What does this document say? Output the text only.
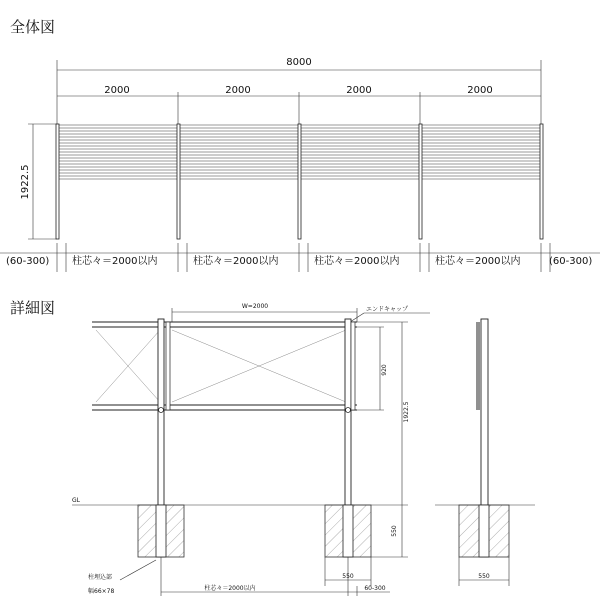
全体図
8000
2000	2000	2000	2000
1922.5
(60-300) 柱芯々＝2000以内	柱芯々＝2000以内	柱芯々＝2000以内	柱芯々＝2000以内	(60-300)
詳細図	W=2000	エンドキャップ
920
1922.5
GL
550
550
柱芯々＝2000以内	60-300
柱埋込部
幅66×78
550
